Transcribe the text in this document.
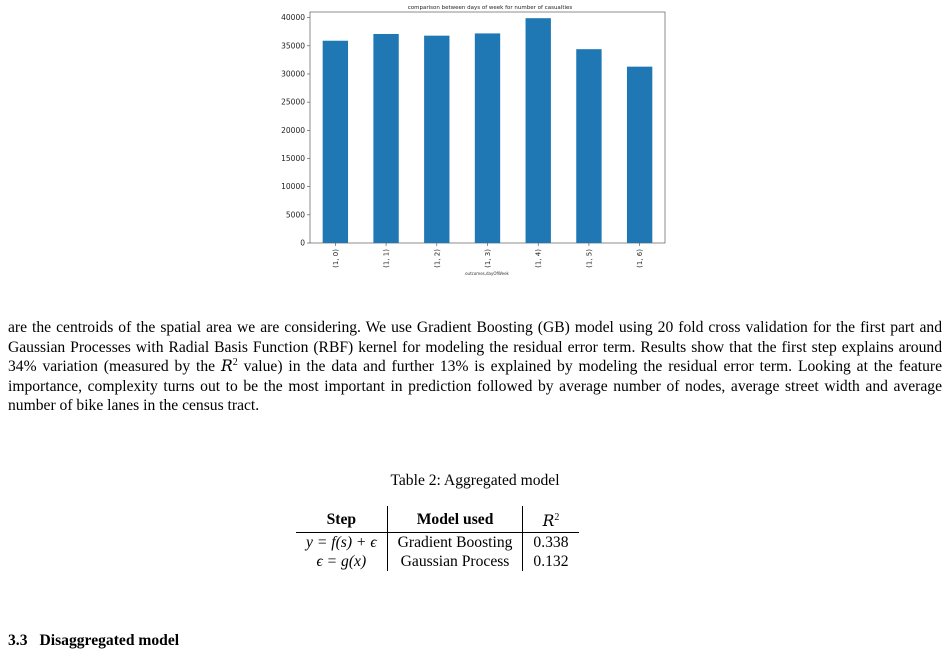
comparison between days of week for number of casualties
0
5000
10000
15000
20000
25000
30000
35000
40000
(1, 0)	(1, 1)	(1, 2)	(1, 3)	(1, 4)	(1, 5)	(1, 6)
outcomes,dayOfWeek

are the centroids of the spatial area we are considering. We use Gradient Boosting (GB) model using 20 fold cross validation for the first part and Gaussian Processes with Radial Basis Function (RBF) kernel for modeling the residual error term. Results show that the first step explains around 34% variation (measured by the $R^2$ value) in the data and further 13% is explained by modeling the residual error term. Looking at the feature importance, complexity turns out to be the most important in prediction followed by average number of nodes, average street width and average number of bike lanes in the census tract.

Table 2: Aggregated model
Step	Model used	$R^2$
y = f(s) + ϵ	Gradient Boosting	0.338
ϵ = g(x)	Gaussian Process	0.132
3.3 Disaggregated model
